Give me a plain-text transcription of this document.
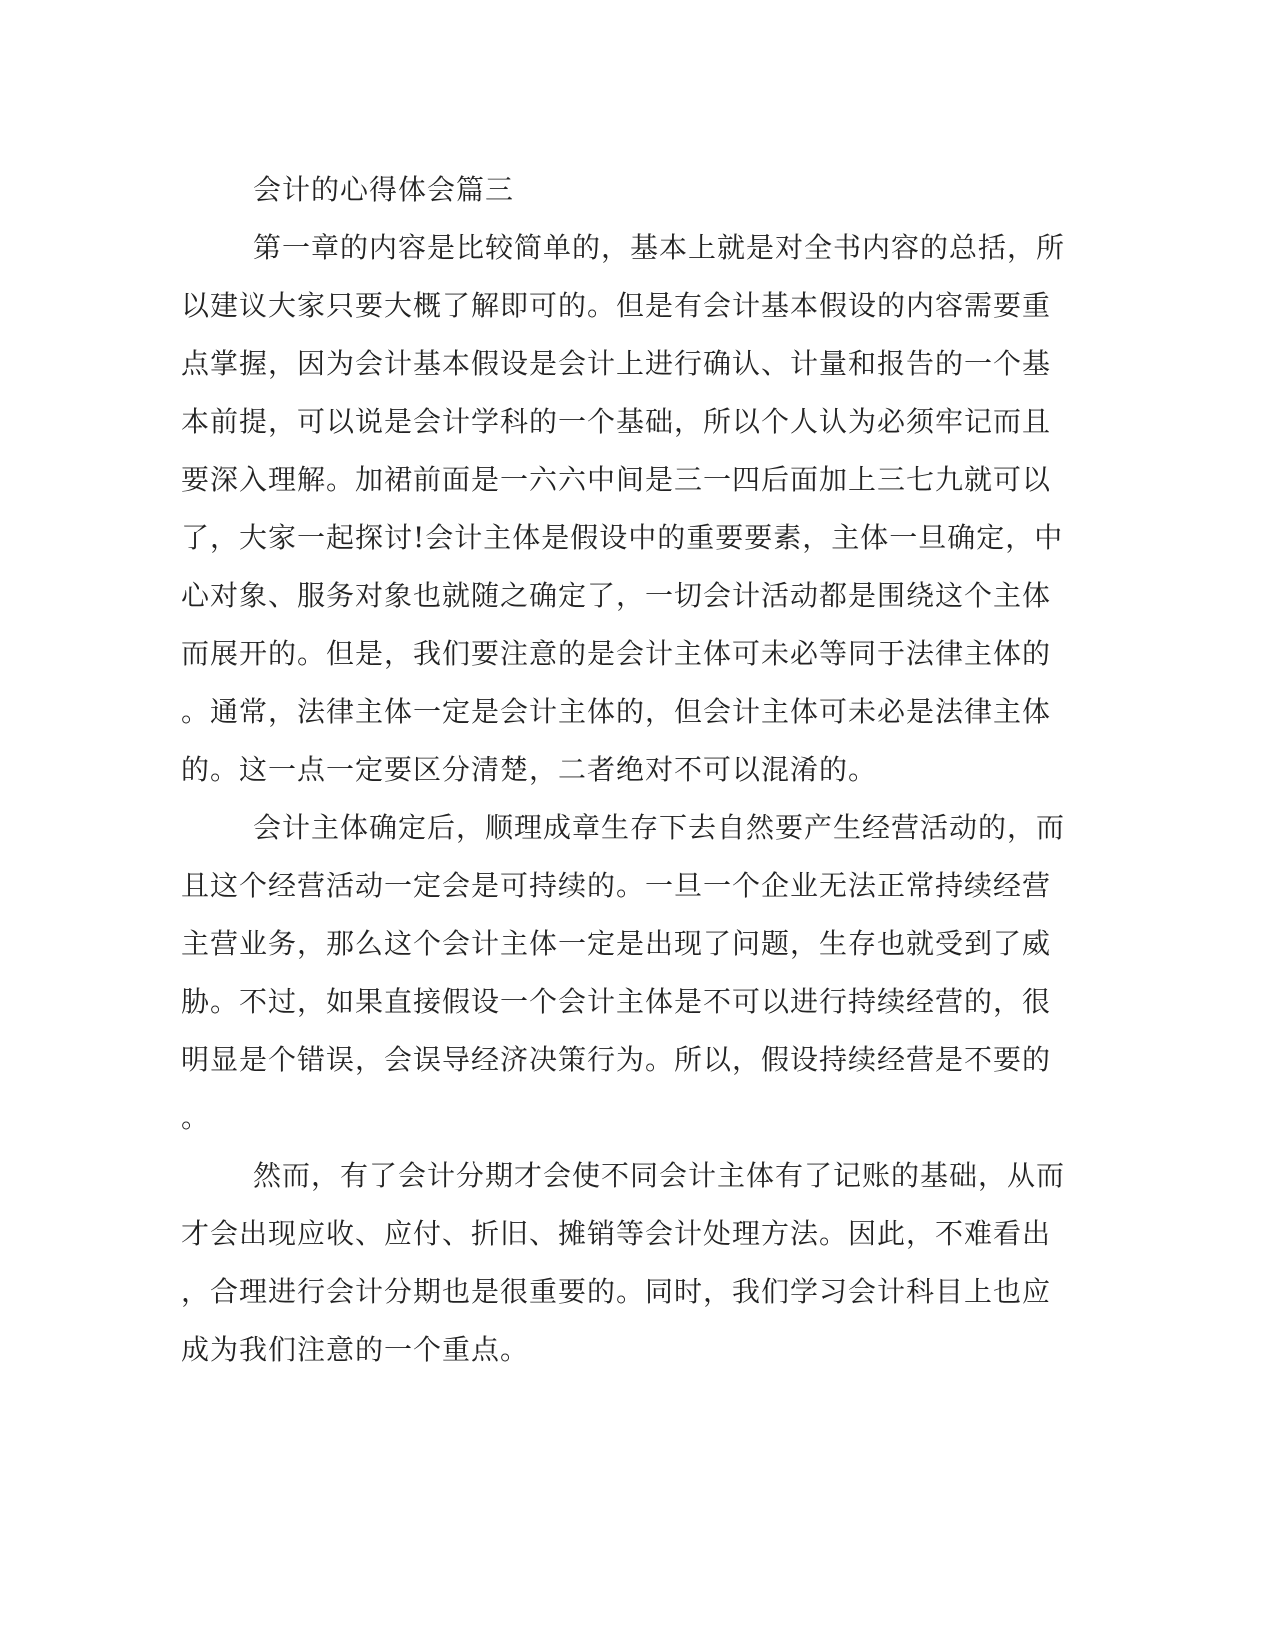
会计的心得体会篇三
第一章的内容是比较简单的，基本上就是对全书内容的总括，所
以建议大家只要大概了解即可的。但是有会计基本假设的内容需要重
点掌握，因为会计基本假设是会计上进行确认、计量和报告的一个基
本前提，可以说是会计学科的一个基础，所以个人认为必须牢记而且
要深入理解。加裙前面是一六六中间是三一四后面加上三七九就可以
了，大家一起探讨!会计主体是假设中的重要要素，主体一旦确定，中
心对象、服务对象也就随之确定了，一切会计活动都是围绕这个主体
而展开的。但是，我们要注意的是会计主体可未必等同于法律主体的
。通常，法律主体一定是会计主体的，但会计主体可未必是法律主体
的。这一点一定要区分清楚，二者绝对不可以混淆的。
会计主体确定后，顺理成章生存下去自然要产生经营活动的，而
且这个经营活动一定会是可持续的。一旦一个企业无法正常持续经营
主营业务，那么这个会计主体一定是出现了问题，生存也就受到了威
胁。不过，如果直接假设一个会计主体是不可以进行持续经营的，很
明显是个错误，会误导经济决策行为。所以，假设持续经营是不要的
。
然而，有了会计分期才会使不同会计主体有了记账的基础，从而
才会出现应收、应付、折旧、摊销等会计处理方法。因此，不难看出
，合理进行会计分期也是很重要的。同时，我们学习会计科目上也应
成为我们注意的一个重点。
